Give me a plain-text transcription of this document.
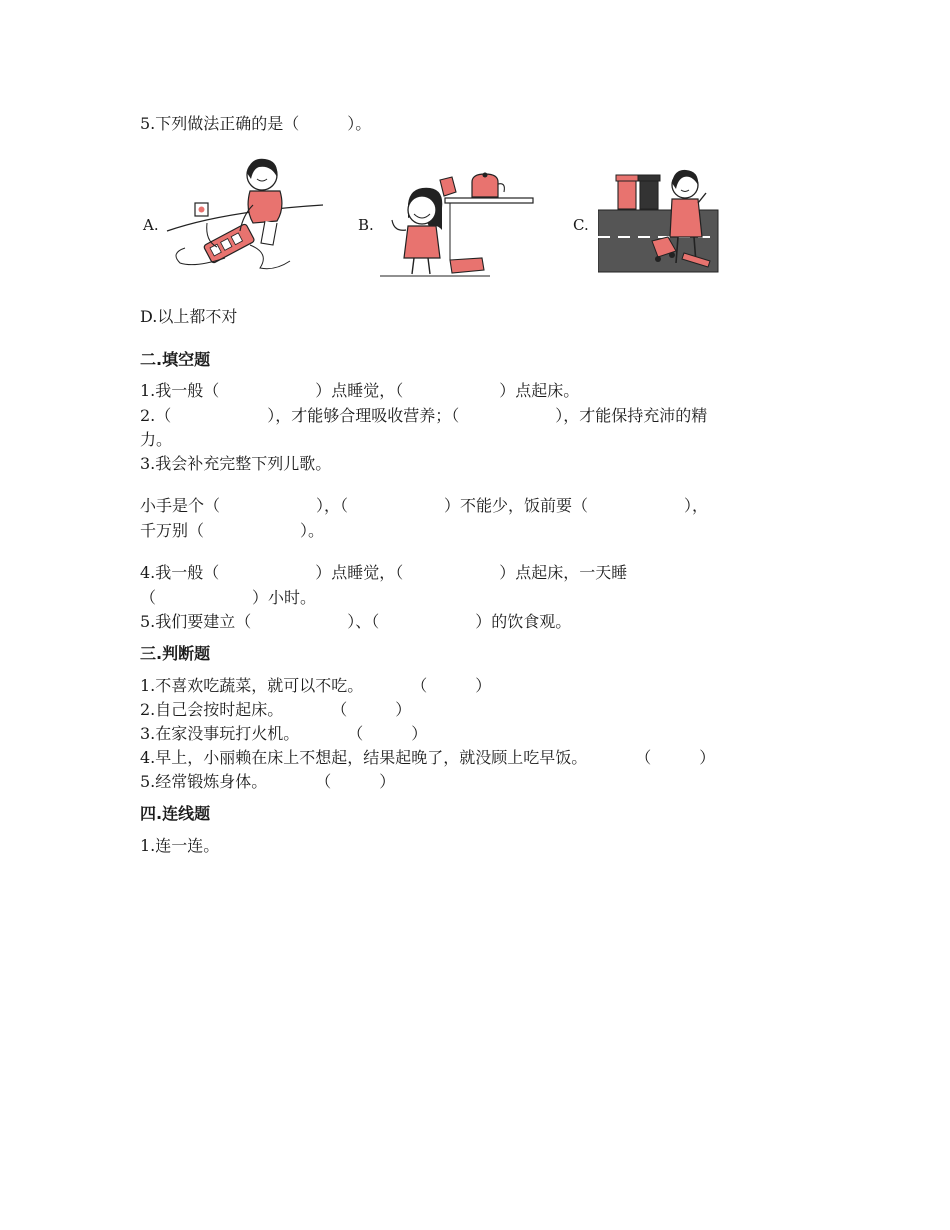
5.下列做法正确的是（　　　）。
A.	B.	C.
D.以上都不对
二.填空题
1.我一般（　　　　　　）点睡觉，（　　　　　　）点起床。
2.（　　　　　　），才能够合理吸收营养；（　　　　　　），才能保持充沛的精
力。
3.我会补充完整下列儿歌。
小手是个（　　　　　　），（　　　　　　）不能少，饭前要（　　　　　　），
千万别（　　　　　　）。
4.我一般（　　　　　　）点睡觉，（　　　　　　）点起床，一天睡
（　　　　　　）小时。
5.我们要建立（　　　　　　）、（　　　　　　）的饮食观。
三.判断题
1.不喜欢吃蔬菜，就可以不吃。　　　　（　　　）
2.自己会按时起床。　　　　（　　　）
3.在家没事玩打火机。　　　　（　　　）
4.早上，小丽赖在床上不想起，结果起晚了，就没顾上吃早饭。　　　　（　　　）
5.经常锻炼身体。　　　　（　　　）
四.连线题
1.连一连。
